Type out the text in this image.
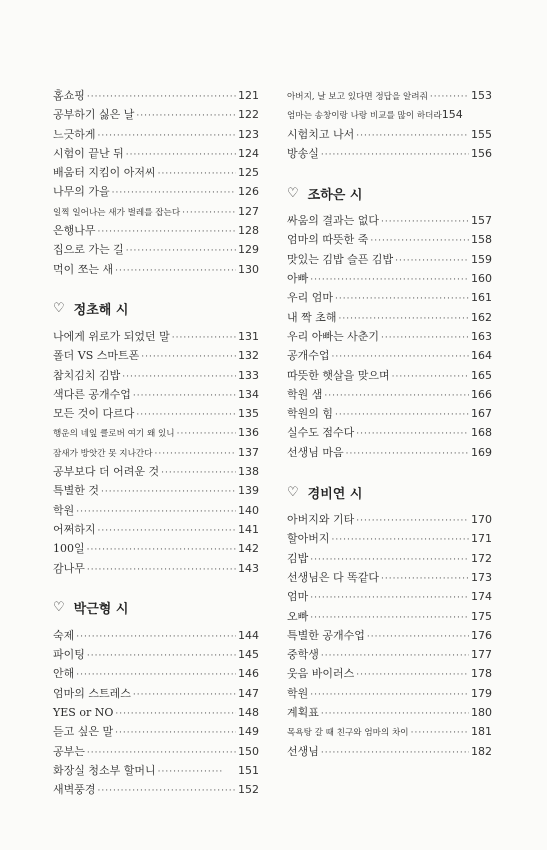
홈쇼핑 ·····	121
공부하기 싫은 날 ·····	122
느긋하게 ·····	123
시험이 끝난 뒤 ·····	124
배움터 지킴이 아저씨 ·····	125
나무의 가을 ·····	126
일찍 일어나는 새가 벌레를 잡는다 ·····	127
은행나무 ·····	128
집으로 가는 길 ·····	129
먹이 쪼는 새 ·····	130
♡ 정초해 시
나에게 위로가 되었던 말 ·····	131
폴더 VS 스마트폰 ·····	132
참치김치 김밥 ·····	133
색다른 공개수업 ·····	134
모든 것이 다르다 ·····	135
행운의 네잎 클로버 여기 왜 있니 ·····	136
잠새가 방앗간 못 지나간다 ·····	137
공부보다 더 어려운 것 ·····	138
특별한 것 ·····	139
학원 ·····	140
어쩌하지 ·····	141
100일 ·····	142
감나무 ·····	143
♡ 박근형 시
숙제 ·····	144
파이팅 ·····	145
안해 ·····	146
엄마의 스트레스 ·····	147
YES or NO ·····	148
듣고 싶은 말 ·····	149
공부는 ·····	150
화장실 청소부 할머니 ·····	151
새벽풍경 ·····	152
아버지, 날 보고 있다면 정답을 알려줘 ·····	153
엄마는 송창이랑 나랑 비교를 많이 하더라 154
시험치고 나서 ·····	155
방송실 ·····	156
♡ 조하은 시
싸움의 결과는 없다 ·····	157
엄마의 따뜻한 죽 ·····	158
맛있는 김밥 슬픈 김밥 ·····	159
아빠 ·····	160
우리 엄마 ·····	161
내 짝 초해 ·····	162
우리 아빠는 사춘기 ·····	163
공개수업 ·····	164
따뜻한 햇살을 맞으며 ·····	165
학원 샘 ·····	166
학원의 힘 ·····	167
실수도 점수다 ·····	168
선생님 마음 ·····	169
♡ 경비연 시
아버지와 기타 ·····	170
할아버지 ·····	171
김밥 ·····	172
선생님은 다 똑같다 ·····	173
엄마 ·····	174
오빠 ·····	175
특별한 공개수업 ·····	176
중학생 ·····	177
웃음 바이러스 ·····	178
학원 ·····	179
계획표 ·····	180
목욕탕 갈 때 친구와 엄마의 차이 ·····	181
선생님 ·····	182
